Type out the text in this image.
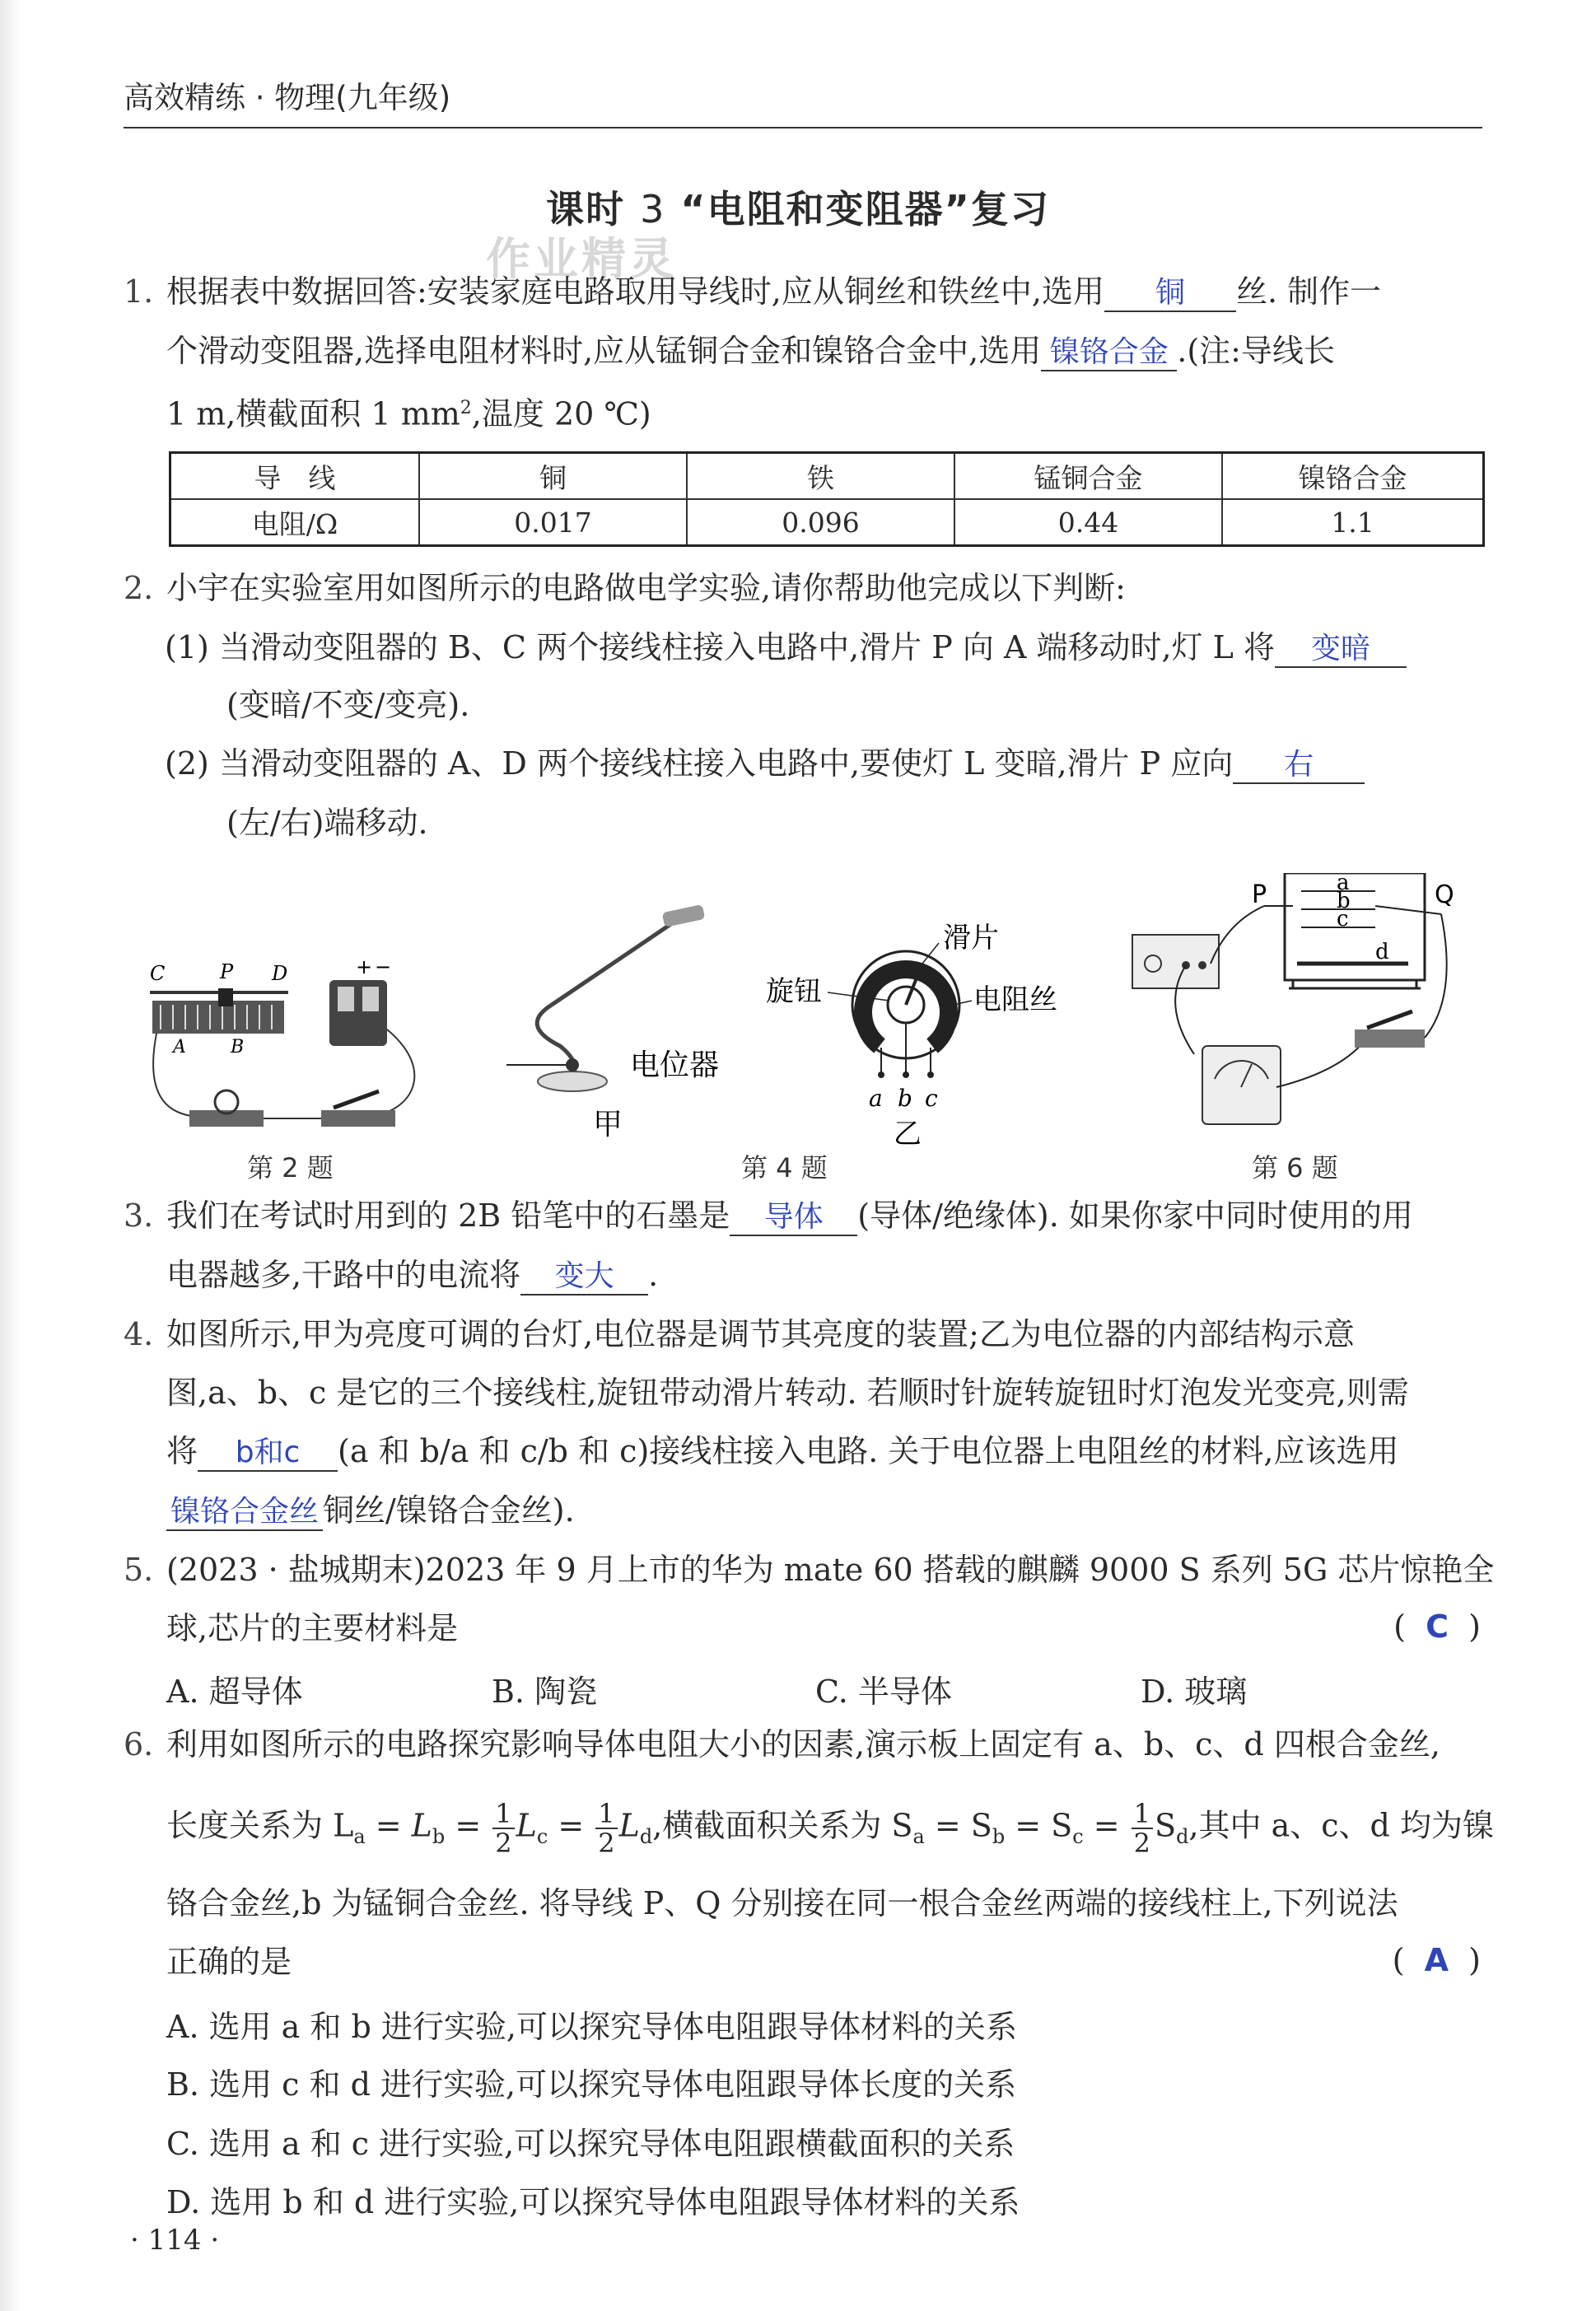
高效精练 · 物理(九年级)
课时 3 “电阻和变阻器”复习
作业精灵
1. 根据表中数据回答:安装家庭电路取用导线时,应从铜丝和铁丝中,选用 铜 丝. 制作一
个滑动变阻器,选择电阻材料时,应从锰铜合金和镍铬合金中,选用 镍铬合金 .(注:导线长
1 m,横截面积 1 $mm^2$,温度 20 ℃)
导　线	铜	铁	锰铜合金	镍铬合金
电阻/Ω	0.017	0.096	0.44	1.1
2. 小宇在实验室用如图所示的电路做电学实验,请你帮助他完成以下判断:
(1) 当滑动变阻器的 B、C 两个接线柱接入电路中,滑片 P 向 A 端移动时,灯 L 将 变暗
(变暗/不变/变亮).
(2) 当滑动变阻器的 A、D 两个接线柱接入电路中,要使灯 L 变暗,滑片 P 应向 右
(左/右)端移动.
C	P D
A B
+ −
第 2 题
电位器
甲
旋钮
滑片
电阻丝
a b c
乙
第 4 题
P	Q
a
b
c
d
第 6 题
3. 我们在考试时用到的 2B 铅笔中的石墨是 导体 (导体/绝缘体). 如果你家中同时使用的用
电器越多,干路中的电流将 变大 .
4. 如图所示,甲为亮度可调的台灯,电位器是调节其亮度的装置;乙为电位器的内部结构示意
图,a、b、c 是它的三个接线柱,旋钮带动滑片转动. 若顺时针旋转旋钮时灯泡发光变亮,则需
将 b和c (a 和 b/a 和 c/b 和 c)接线柱接入电路. 关于电位器上电阻丝的材料,应该选用
镍铬合金丝 铜丝/镍铬合金丝).
5. (2023 · 盐城期末)2023 年 9 月上市的华为 mate 60 搭载的麒麟 9000 S 系列 5G 芯片惊艳全
球,芯片的主要材料是	(  C  )
A. 超导体	B. 陶瓷	C. 半导体	D. 玻璃
6. 利用如图所示的电路探究影响导体电阻大小的因素,演示板上固定有 a、b、c、d 四根合金丝,
长度关系为 $L_a = L_b = \frac{1}{2} L_c = \frac{1}{2} L_d$,横截面积关系为 $S_a = S_b = S_c = \frac{1}{2} S_d$,其中 a、c、d 均为镍
铬合金丝,b 为锰铜合金丝. 将导线 P、Q 分别接在同一根合金丝两端的接线柱上,下列说法
正确的是	(  A  )
A. 选用 a 和 b 进行实验,可以探究导体电阻跟导体材料的关系
B. 选用 c 和 d 进行实验,可以探究导体电阻跟导体长度的关系
C. 选用 a 和 c 进行实验,可以探究导体电阻跟横截面积的关系
D. 选用 b 和 d 进行实验,可以探究导体电阻跟导体材料的关系
· 114 ·
